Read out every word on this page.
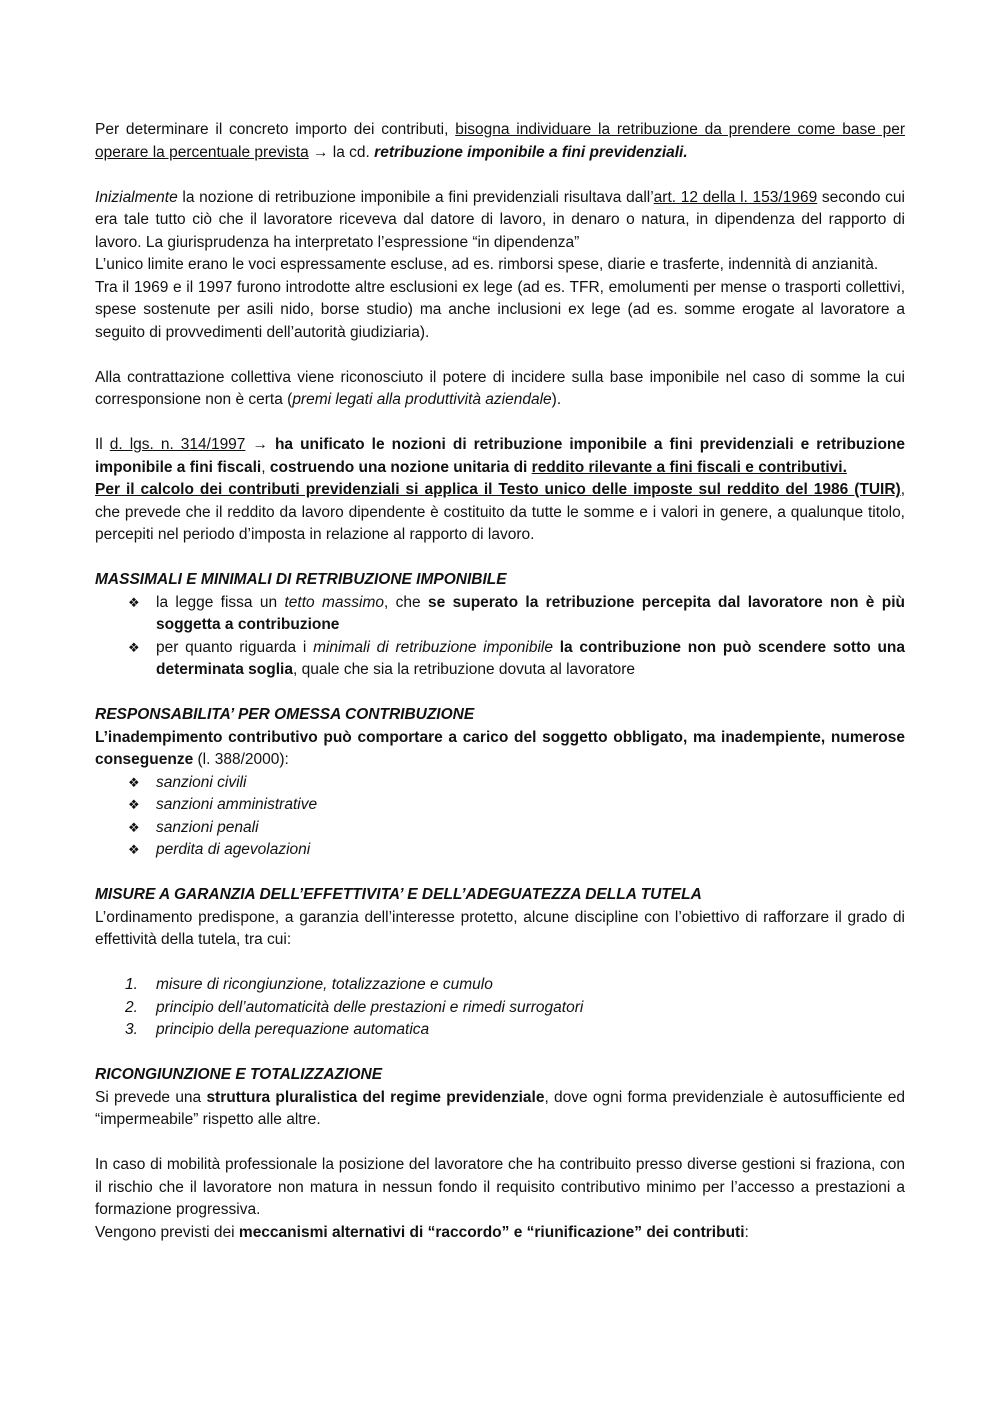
Per determinare il concreto importo dei contributi, bisogna individuare la retribuzione da prendere come base per operare la percentuale prevista → la cd. retribuzione imponibile a fini previdenziali.

Inizialmente la nozione di retribuzione imponibile a fini previdenziali risultava dall’art. 12 della l. 153/1969 secondo cui era tale tutto ciò che il lavoratore riceveva dal datore di lavoro, in denaro o natura, in dipendenza del rapporto di lavoro. La giurisprudenza ha interpretato l’espressione “in dipendenza”

L’unico limite erano le voci espressamente escluse, ad es. rimborsi spese, diarie e trasferte, indennità di anzianità.

Tra il 1969 e il 1997 furono introdotte altre esclusioni ex lege (ad es. TFR, emolumenti per mense o trasporti collettivi, spese sostenute per asili nido, borse studio) ma anche inclusioni ex lege (ad es. somme erogate al lavoratore a seguito di provvedimenti dell’autorità giudiziaria).

Alla contrattazione collettiva viene riconosciuto il potere di incidere sulla base imponibile nel caso di somme la cui corresponsione non è certa (premi legati alla produttività aziendale).

Il d. lgs. n. 314/1997 → ha unificato le nozioni di retribuzione imponibile a fini previdenziali e retribuzione imponibile a fini fiscali, costruendo una nozione unitaria di reddito rilevante a fini fiscali e contributivi.
Per il calcolo dei contributi previdenziali si applica il Testo unico delle imposte sul reddito del 1986 (TUIR), che prevede che il reddito da lavoro dipendente è costituito da tutte le somme e i valori in genere, a qualunque titolo, percepiti nel periodo d’imposta in relazione al rapporto di lavoro.

MASSIMALI E MINIMALI DI RETRIBUZIONE IMPONIBILE

❖ la legge fissa un tetto massimo, che se superato la retribuzione percepita dal lavoratore non è più soggetta a contribuzione
❖ per quanto riguarda i minimali di retribuzione imponibile la contribuzione non può scendere sotto una determinata soglia, quale che sia la retribuzione dovuta al lavoratore

RESPONSABILITA’ PER OMESSA CONTRIBUZIONE

L’inadempimento contributivo può comportare a carico del soggetto obbligato, ma inadempiente, numerose conseguenze (l. 388/2000):

❖ sanzioni civili
❖ sanzioni amministrative
❖ sanzioni penali
❖ perdita di agevolazioni

MISURE A GARANZIA DELL’EFFETTIVITA’ E DELL’ADEGUATEZZA DELLA TUTELA

L’ordinamento predispone, a garanzia dell’interesse protetto, alcune discipline con l’obiettivo di rafforzare il grado di effettività della tutela, tra cui:

1. misure di ricongiunzione, totalizzazione e cumulo
2. principio dell’automaticità delle prestazioni e rimedi surrogatori
3. principio della perequazione automatica

RICONGIUNZIONE E TOTALIZZAZIONE

Si prevede una struttura pluralistica del regime previdenziale, dove ogni forma previdenziale è autosufficiente ed “impermeabile” rispetto alle altre.

In caso di mobilità professionale la posizione del lavoratore che ha contribuito presso diverse gestioni si fraziona, con il rischio che il lavoratore non matura in nessun fondo il requisito contributivo minimo per l’accesso a prestazioni a formazione progressiva.

Vengono previsti dei meccanismi alternativi di “raccordo” e “riunificazione” dei contributi:
